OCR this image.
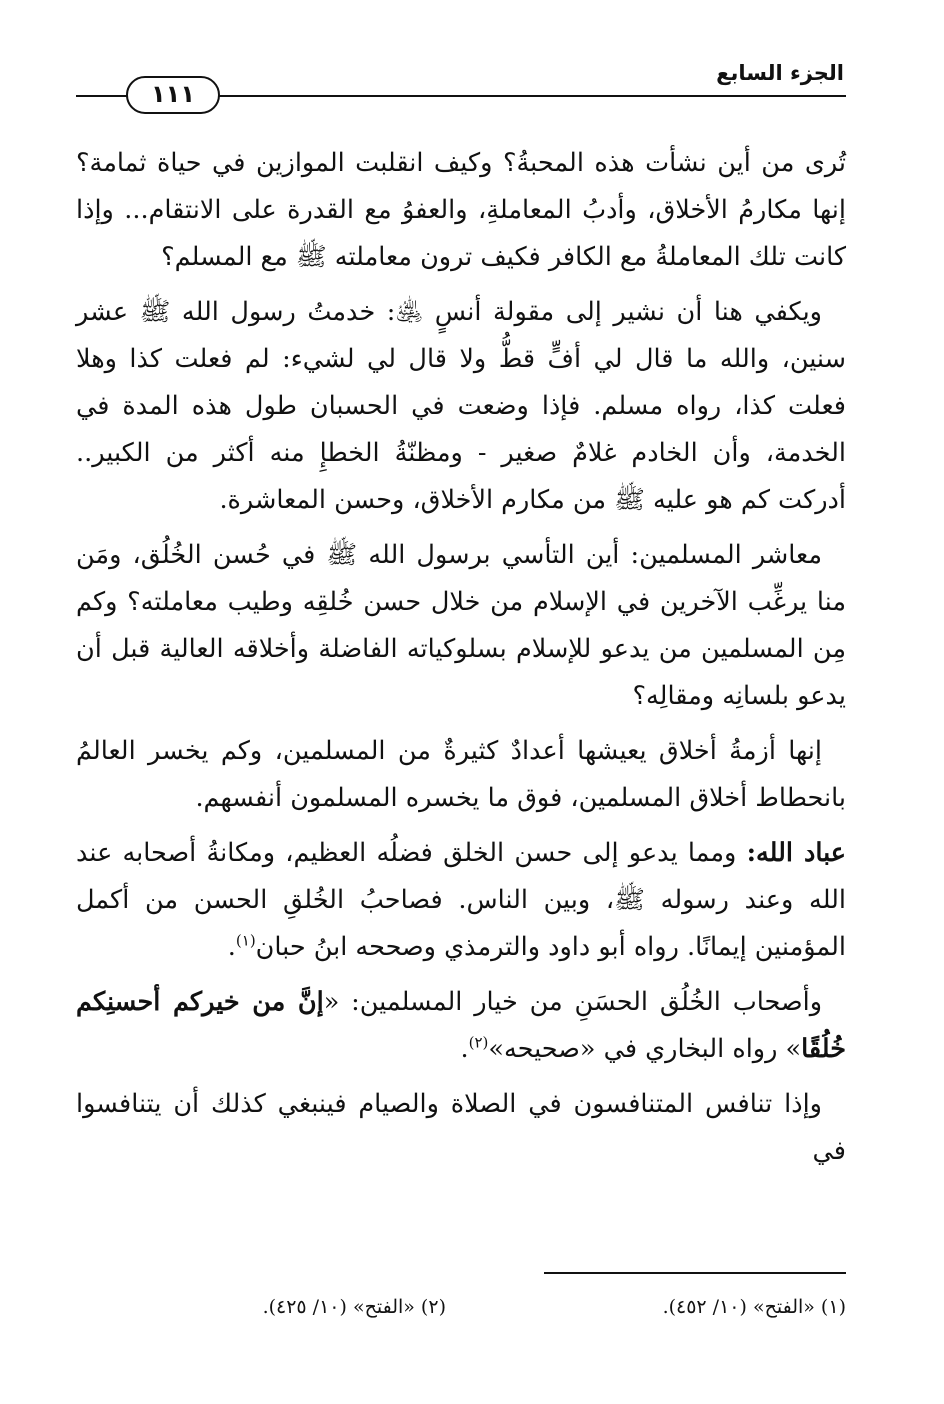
الجزء السابع
١١١

تُرى من أين نشأت هذه المحبةُ؟ وكيف انقلبت الموازين في حياة ثمامة؟ إنها مكارمُ الأخلاق، وأدبُ المعاملةِ، والعفوُ مع القدرة على الانتقام... وإذا كانت تلك المعاملةُ مع الكافر فكيف ترون معاملته ﷺ مع المسلم؟

ويكفي هنا أن نشير إلى مقولة أنسٍ ﵁: خدمتُ رسول الله ﷺ عشر سنين، والله ما قال لي أفٍّ قطُّ ولا قال لي لشيء: لم فعلت كذا وهلا فعلت كذا، رواه مسلم. فإذا وضعت في الحسبان طول هذه المدة في الخدمة، وأن الخادم غلامٌ صغير - ومظنّةُ الخطإِ منه أكثر من الكبير.. أدركت كم هو عليه ﷺ من مكارم الأخلاق، وحسن المعاشرة.

معاشر المسلمين: أين التأسي برسول الله ﷺ في حُسن الخُلُق، ومَن منا يرغِّب الآخرين في الإسلام من خلال حسن خُلقِه وطيب معاملته؟ وكم مِن المسلمين من يدعو للإسلام بسلوكياته الفاضلة وأخلاقه العالية قبل أن يدعو بلسانِه ومقالِه؟

إنها أزمةُ أخلاق يعيشها أعدادٌ كثيرةٌ من المسلمين، وكم يخسر العالمُ بانحطاط أخلاق المسلمين، فوق ما يخسره المسلمون أنفسهم.

عباد الله: ومما يدعو إلى حسن الخلق فضلُه العظيم، ومكانةُ أصحابه عند الله وعند رسوله ﷺ، وبين الناس. فصاحبُ الخُلقِ الحسن من أكمل المؤمنين إيمانًا. رواه أبو داود والترمذي وصححه ابنُ حبان$^{(١)}$.

وأصحاب الخُلُق الحسَنِ من خيار المسلمين: «إنَّ من خيركم أحسنِكم خُلُقًا» رواه البخاري في «صحيحه»$^{(٢)}$.

وإذا تنافس المتنافسون في الصلاة والصيام فينبغي كذلك أن يتنافسوا في

(١) «الفتح» (١٠/ ٤٥٢).
(٢) «الفتح» (١٠/ ٤٢٥).
